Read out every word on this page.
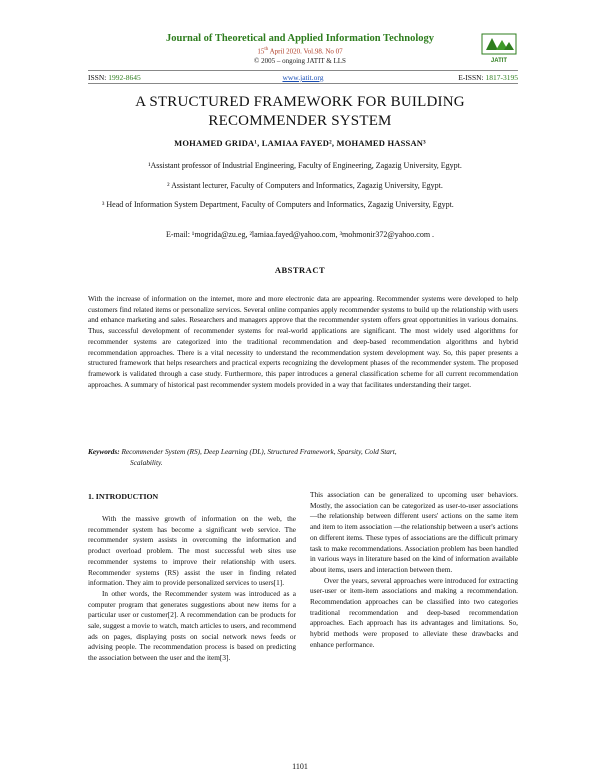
Journal of Theoretical and Applied Information Technology
15th April 2020. Vol.98. No 07
© 2005 – ongoing JATIT & LLS	JATIT
ISSN: 1992-8645	www.jatit.org	E-ISSN: 1817-3195
A STRUCTURED FRAMEWORK FOR BUILDING
RECOMMENDER SYSTEM
MOHAMED GRIDA¹, LAMIAA FAYED², MOHAMED HASSAN³
¹Assistant professor of Industrial Engineering, Faculty of Engineering, Zagazig University, Egypt.
² Assistant lecturer, Faculty of Computers and Informatics, Zagazig University, Egypt.
³ Head of Information System Department, Faculty of Computers and Informatics, Zagazig University, Egypt.
E-mail: ¹mogrida@zu.eg, ²lamiaa.fayed@yahoo.com, ³mohmonir372@yahoo.com .
ABSTRACT
With the increase of information on the internet, more and more electronic data are appearing. Recommender systems were developed to help customers find related items or personalize services. Several online companies apply recommender systems to build up the relationship with users and enhance marketing and sales. Researchers and managers approve that the recommender system offers great opportunities in various domains. Thus, successful development of recommender systems for real-world applications are significant. The most widely used algorithms for recommender systems are categorized into the traditional recommendation and deep-based recommendation algorithms and hybrid recommendation approaches. There is a vital necessity to understand the recommendation system development way. So, this paper presents a structured framework that helps researchers and practical experts recognizing the development phases of the recommender system. The proposed framework is validated through a case study. Furthermore, this paper introduces a general classification scheme for all current recommendation approaches. A summary of historical past recommender system models provided in a way that facilitates understanding their target.
Keywords: Recommender System (RS), Deep Learning (DL), Structured Framework, Sparsity, Cold Start,
Scalability.
1. INTRODUCTION

With the massive growth of information on the web, the recommender system has become a significant web service. The recommender system assists in overcoming the information and product overload problem. The most successful web sites use recommender systems to improve their relationship with users. Recommender systems (RS) assist the user in finding related information. They aim to provide personalized services to users[1].

In other words, the Recommender system was introduced as a computer program that generates suggestions about new items for a particular user or customer[2]. A recommendation can be products for sale, suggest a movie to watch, match articles to users, and recommend ads on pages, displaying posts on social network news feeds or advising people. The recommendation process is based on predicting the association between the user and the item[3].

This association can be generalized to upcoming user behaviors. Mostly, the association can be categorized as user-to-user associations—the relationship between different users' actions on the same item and item to item association —the relationship between a user's actions on different items. These types of associations are the difficult primary task to make recommendations. Association problem has been handled in various ways in literature based on the kind of information available about items, users and interaction between them.

Over the years, several approaches were introduced for extracting user-user or item-item associations and making a recommendation. Recommendation approaches can be classified into two categories traditional recommendation and deep-based recommendation approaches. Each approach has its advantages and limitations. So, hybrid methods were proposed to alleviate these drawbacks and enhance performance.

1101
